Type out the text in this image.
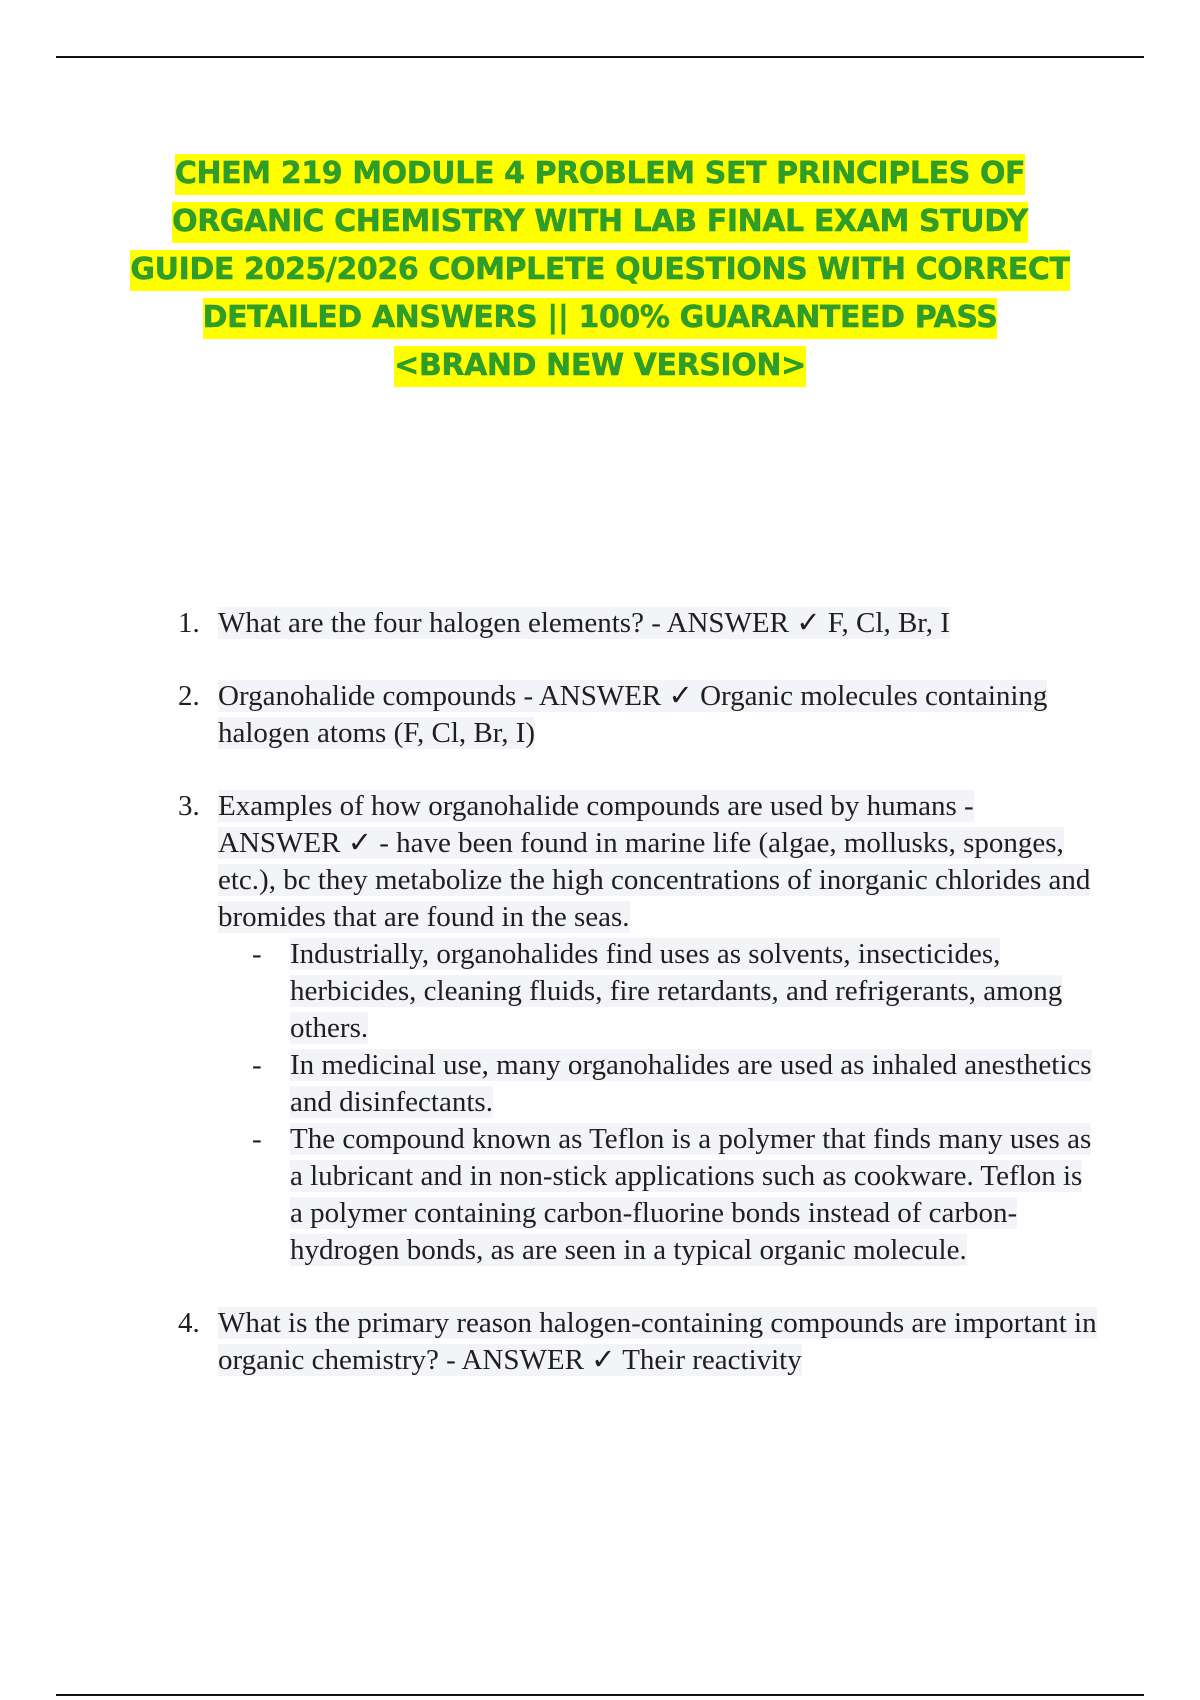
CHEM 219 MODULE 4 PROBLEM SET PRINCIPLES OF
ORGANIC CHEMISTRY WITH LAB FINAL EXAM STUDY
GUIDE 2025/2026 COMPLETE QUESTIONS WITH CORRECT
DETAILED ANSWERS || 100% GUARANTEED PASS
<BRAND NEW VERSION>
1. What are the four halogen elements? - ANSWER ✓ F, Cl, Br, I
2. Organohalide compounds - ANSWER ✓ Organic molecules containing halogen atoms (F, Cl, Br, I)
3. Examples of how organohalide compounds are used by humans - ANSWER ✓ - have been found in marine life (algae, mollusks, sponges, etc.), bc they metabolize the high concentrations of inorganic chlorides and bromides that are found in the seas.
- Industrially, organohalides find uses as solvents, insecticides, herbicides, cleaning fluids, fire retardants, and refrigerants, among others.
- In medicinal use, many organohalides are used as inhaled anesthetics and disinfectants.
- The compound known as Teflon is a polymer that finds many uses as a lubricant and in non-stick applications such as cookware. Teflon is a polymer containing carbon-fluorine bonds instead of carbon-hydrogen bonds, as are seen in a typical organic molecule.
4. What is the primary reason halogen-containing compounds are important in organic chemistry? - ANSWER ✓ Their reactivity
